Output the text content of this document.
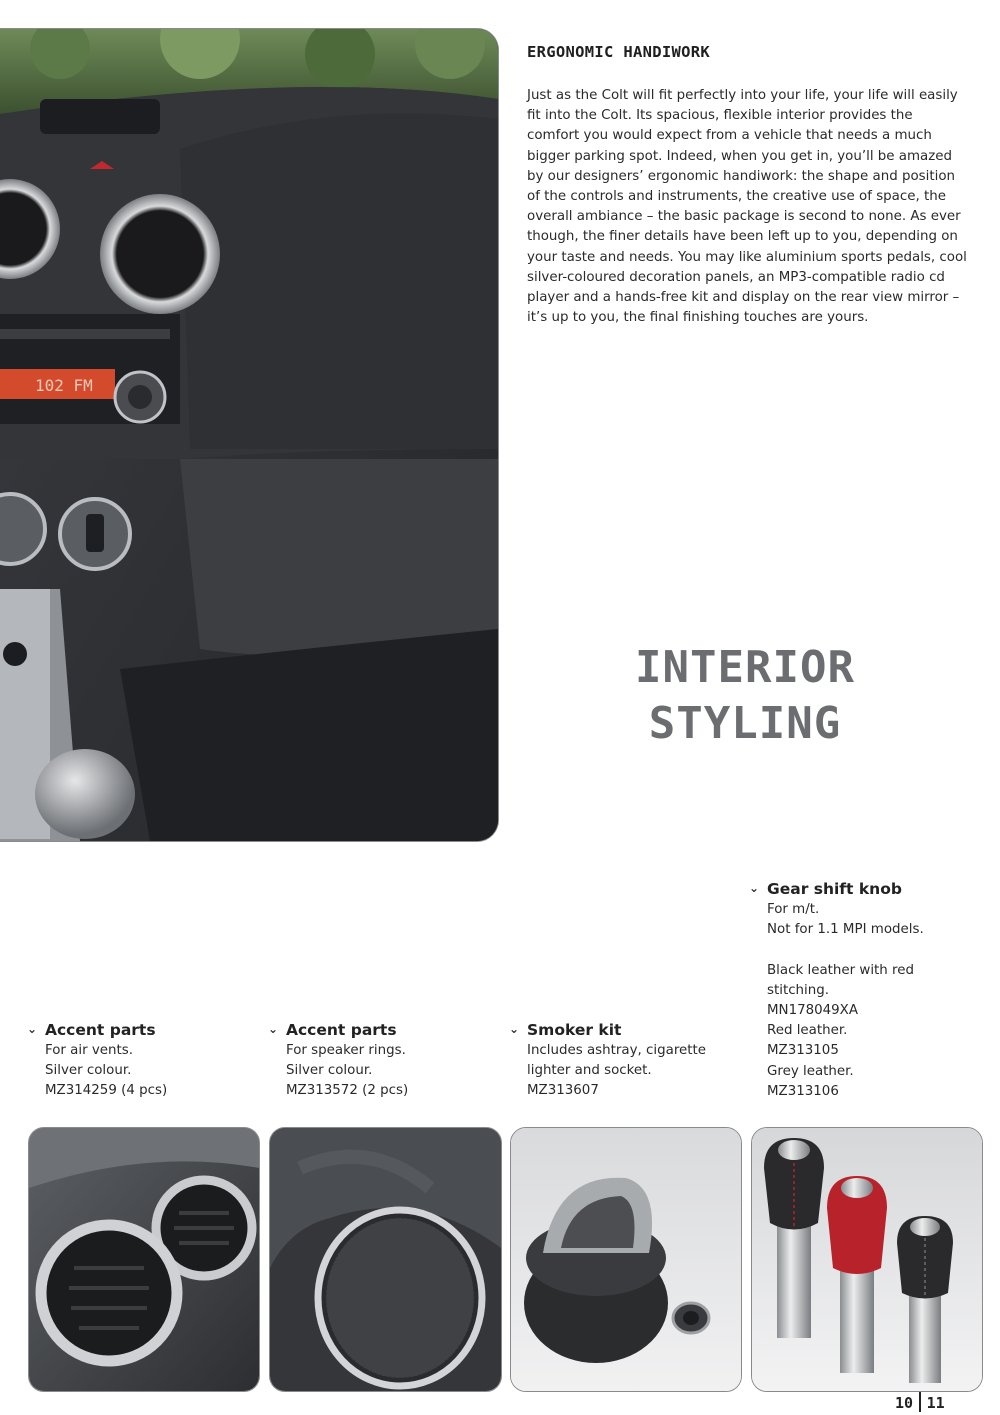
102 FM
ERGONOMIC HANDIWORK

Just as the Colt will fit perfectly into your life, your life will easily fit into the Colt. Its spacious, flexible interior provides the comfort you would expect from a vehicle that needs a much bigger parking spot. Indeed, when you get in, you’ll be amazed by our designers’ ergonomic handiwork: the shape and position of the controls and instruments, the creative use of space, the overall ambiance – the basic package is second to none. As ever though, the finer details have been left up to you, depending on your taste and needs. You may like aluminium sports pedals, cool silver-coloured decoration panels, an MP3-compatible radio cd player and a hands-free kit and display on the rear view mirror – it’s up to you, the final finishing touches are yours.

INTERIOR
STYLING
⌄ Accent parts
For air vents.
Silver colour.
MZ314259 (4 pcs)
⌄ Accent parts
For speaker rings.
Silver colour.
MZ313572 (2 pcs)
⌄ Smoker kit
Includes ashtray, cigarette
lighter and socket.
MZ313607
⌄ Gear shift knob
For m/t.
Not for 1.1 MPI models.
Black leather with red
stitching.
MN178049XA
Red leather.
MZ313105
Grey leather.
MZ313106
10 11
